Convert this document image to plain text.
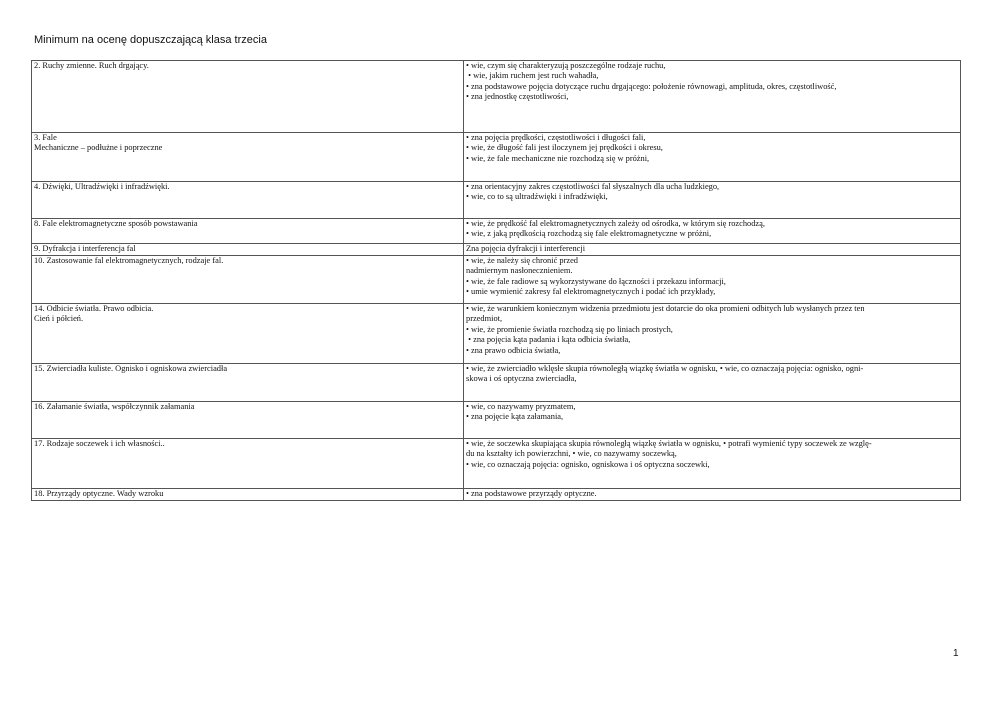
Minimum na ocenę dopuszczającą klasa trzecia
2. Ruchy zmienne. Ruch drgający.	• wie, czym się charakteryzują poszczególne rodzaje ruchu,
• wie, jakim ruchem jest ruch wahadła,
• zna podstawowe pojęcia dotyczące ruchu drgającego: położenie równowagi, amplituda, okres, częstotliwość,
• zna jednostkę częstotliwości,

3. Fale
Mechaniczne – podłużne i poprzeczne	• zna pojęcia prędkości, częstotliwości i długości fali,
• wie, że długość fali jest iloczynem jej prędkości i okresu,
• wie, że fale mechaniczne nie rozchodzą się w próżni,

4. Dźwięki, Ultradźwięki i infradźwięki.	• zna orientacyjny zakres częstotliwości fal słyszalnych dla ucha ludzkiego,
• wie, co to są ultradźwięki i infradźwięki,

8. Fale elektromagnetyczne sposób powstawania	• wie, że prędkość fal elektromagnetycznych zależy od ośrodka, w którym się rozchodzą,
• wie, z jaką prędkością rozchodzą się fale elektromagnetyczne w próżni,

9. Dyfrakcja i interferencja fal	Zna pojęcia dyfrakcji i interferencji

10. Zastosowanie fal elektromagnetycznych, rodzaje fal.	• wie, że należy się chronić przed
nadmiernym nasłonecznieniem.
• wie, że fale radiowe są wykorzystywane do łączności i przekazu informacji,
• umie wymienić zakresy fal elektromagnetycznych i podać ich przykłady,

14. Odbicie światła. Prawo odbicia.
Cień i półcień.	• wie, że warunkiem koniecznym widzenia przedmiotu jest dotarcie do oka promieni odbitych lub wysłanych przez ten
przedmiot,
• wie, że promienie światła rozchodzą się po liniach prostych,
• zna pojęcia kąta padania i kąta odbicia światła,
• zna prawo odbicia światła,

15. Zwierciadła kuliste. Ognisko i ogniskowa zwierciadła	• wie, że zwierciadło wklęsłe skupia równoległą wiązkę światła w ognisku, • wie, co oznaczają pojęcia: ognisko, ogni-
skowa i oś optyczna zwierciadła,

16. Załamanie światła, współczynnik załamania	• wie, co nazywamy pryzmatem,
• zna pojęcie kąta załamania,

17. Rodzaje soczewek i ich własności..	• wie, że soczewka skupiająca skupia równoległą wiązkę światła w ognisku, • potrafi wymienić typy soczewek ze wzglę-
du na kształty ich powierzchni, • wie, co nazywamy soczewką,
• wie, co oznaczają pojęcia: ognisko, ogniskowa i oś optyczna soczewki,

18. Przyrządy optyczne. Wady wzroku	• zna podstawowe przyrządy optyczne.
1
